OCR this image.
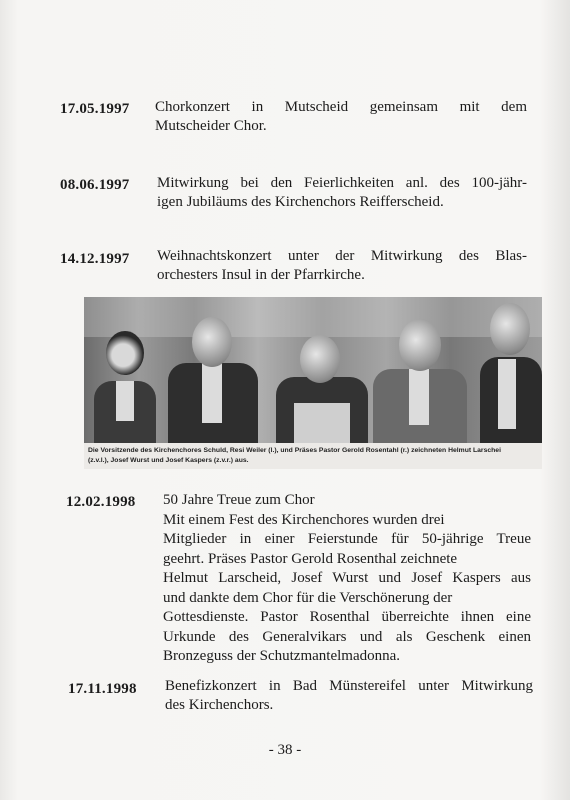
17.05.1997 Chorkonzert in Mutscheid gemeinsam mit dem
Mutscheider Chor.
08.06.1997 Mitwirkung bei den Feierlichkeiten anl. des 100-jähr-
igen Jubiläums des Kirchenchors Reifferscheid.
14.12.1997 Weihnachtskonzert unter der Mitwirkung des Blas-
orchesters Insul in der Pfarrkirche.
Die Vorsitzende des Kirchenchores Schuld, Resi Weiler (l.), und Präses Pastor Gerold Rosentahl (r.) zeichneten Helmut Larschei
(z.v.l.), Josef Wurst und Josef Kaspers (z.v.r.) aus.
12.02.1998 50 Jahre Treue zum Chor
Mit einem Fest des Kirchenchores wurden drei
Mitglieder in einer Feierstunde für 50-jährige Treue
geehrt. Präses Pastor Gerold Rosenthal zeichnete
Helmut Larscheid, Josef Wurst und Josef Kaspers aus
und dankte dem Chor für die Verschönerung der
Gottesdienste. Pastor Rosenthal überreichte ihnen eine
Urkunde des Generalvikars und als Geschenk einen
Bronzeguss der Schutzmantelmadonna.
17.11.1998 Benefizkonzert in Bad Münstereifel unter Mitwirkung
des Kirchenchors.
- 38 -
